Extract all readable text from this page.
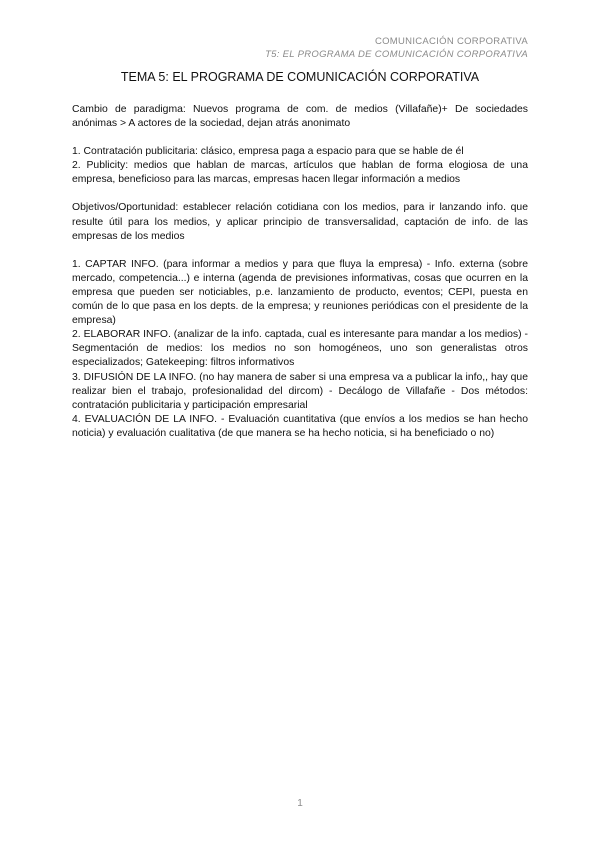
COMUNICACIÓN CORPORATIVA
T5: EL PROGRAMA DE COMUNICACIÓN CORPORATIVA
TEMA 5: EL PROGRAMA DE COMUNICACIÓN CORPORATIVA

Cambio de paradigma: Nuevos programa de com. de medios (Villafañe)+ De sociedades anónimas > A actores de la sociedad, dejan atrás anonimato

1. Contratación publicitaria: clásico, empresa paga a espacio para que se hable de él

2. Publicity: medios que hablan de marcas, artículos que hablan de forma elogiosa de una empresa, beneficioso para las marcas, empresas hacen llegar información a medios

Objetivos/Oportunidad: establecer relación cotidiana con los medios, para ir lanzando info. que resulte útil para los medios, y aplicar principio de transversalidad, captación de info. de las empresas de los medios

1. CAPTAR INFO. (para informar a medios y para que fluya la empresa) - Info. externa (sobre mercado, competencia...) e interna (agenda de previsiones informativas, cosas que ocurren en la empresa que pueden ser noticiables, p.e. lanzamiento de producto, eventos; CEPI, puesta en común de lo que pasa en los depts. de la empresa; y reuniones periódicas con el presidente de la empresa)

2. ELABORAR INFO. (analizar de la info. captada, cual es interesante para mandar a los medios) - Segmentación de medios: los medios no son homogéneos, uno son generalistas otros especializados; Gatekeeping: filtros informativos

3. DIFUSIÓN DE LA INFO. (no hay manera de saber si una empresa va a publicar la info,, hay que realizar bien el trabajo, profesionalidad del dircom) - Decálogo de Villafañe - Dos métodos: contratación publicitaria y participación empresarial

4. EVALUACIÓN DE LA INFO. - Evaluación cuantitativa (que envíos a los medios se han hecho noticia) y evaluación cualitativa (de que manera se ha hecho noticia, si ha beneficiado o no)

1
